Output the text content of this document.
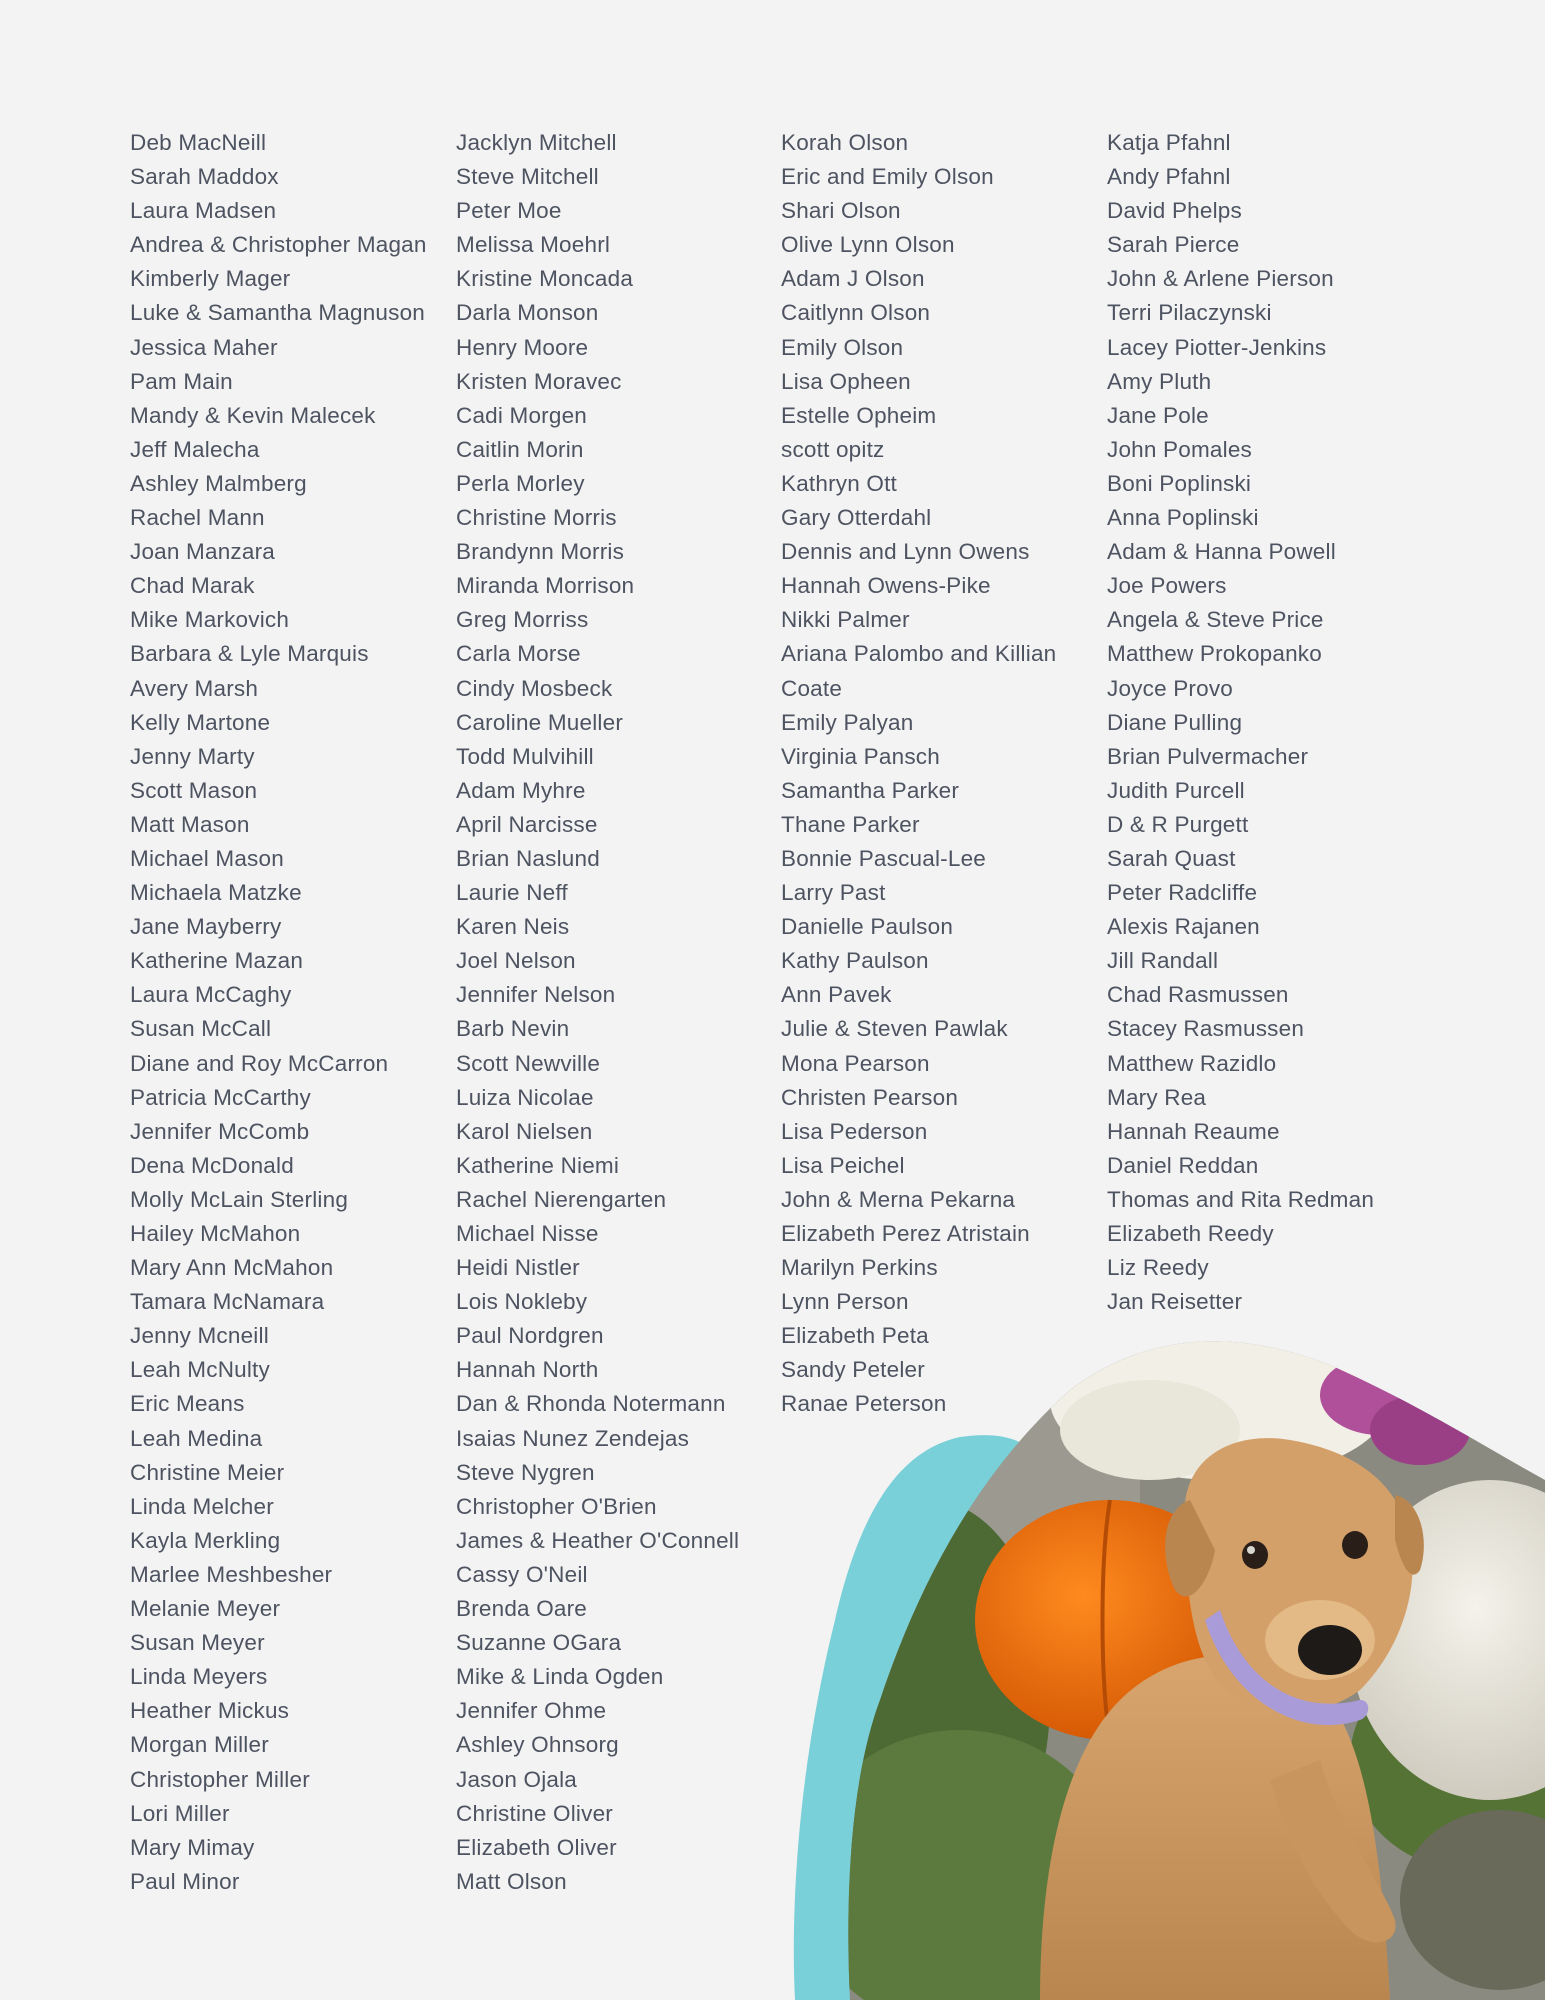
Deb MacNeill
Sarah Maddox
Laura Madsen
Andrea & Christopher Magan
Kimberly Mager
Luke & Samantha Magnuson
Jessica Maher
Pam Main
Mandy & Kevin Malecek
Jeff Malecha
Ashley Malmberg
Rachel Mann
Joan Manzara
Chad Marak
Mike Markovich
Barbara & Lyle Marquis
Avery Marsh
Kelly Martone
Jenny Marty
Scott Mason
Matt Mason
Michael Mason
Michaela Matzke
Jane Mayberry
Katherine Mazan
Laura McCaghy
Susan McCall
Diane and Roy McCarron
Patricia McCarthy
Jennifer McComb
Dena McDonald
Molly McLain Sterling
Hailey McMahon
Mary Ann McMahon
Tamara McNamara
Jenny Mcneill
Leah McNulty
Eric Means
Leah Medina
Christine Meier
Linda Melcher
Kayla Merkling
Marlee Meshbesher
Melanie Meyer
Susan Meyer
Linda Meyers
Heather Mickus
Morgan Miller
Christopher Miller
Lori Miller
Mary Mimay
Paul Minor
Jacklyn Mitchell
Steve Mitchell
Peter Moe
Melissa Moehrl
Kristine Moncada
Darla Monson
Henry Moore
Kristen Moravec
Cadi Morgen
Caitlin Morin
Perla Morley
Christine Morris
Brandynn Morris
Miranda Morrison
Greg Morriss
Carla Morse
Cindy Mosbeck
Caroline Mueller
Todd Mulvihill
Adam Myhre
April Narcisse
Brian Naslund
Laurie Neff
Karen Neis
Joel Nelson
Jennifer Nelson
Barb Nevin
Scott Newville
Luiza Nicolae
Karol Nielsen
Katherine Niemi
Rachel Nierengarten
Michael Nisse
Heidi Nistler
Lois Nokleby
Paul Nordgren
Hannah North
Dan & Rhonda Notermann
Isaias Nunez Zendejas
Steve Nygren
Christopher O'Brien
James & Heather O'Connell
Cassy O'Neil
Brenda Oare
Suzanne OGara
Mike & Linda Ogden
Jennifer Ohme
Ashley Ohnsorg
Jason Ojala
Christine Oliver
Elizabeth Oliver
Matt Olson
Korah Olson
Eric and Emily Olson
Shari Olson
Olive Lynn Olson
Adam J Olson
Caitlynn Olson
Emily Olson
Lisa Opheen
Estelle Opheim
scott opitz
Kathryn Ott
Gary Otterdahl
Dennis and Lynn Owens
Hannah Owens-Pike
Nikki Palmer
Ariana Palombo and Killian Coate
Emily Palyan
Virginia Pansch
Samantha Parker
Thane Parker
Bonnie Pascual-Lee
Larry Past
Danielle Paulson
Kathy Paulson
Ann Pavek
Julie & Steven Pawlak
Mona Pearson
Christen Pearson
Lisa Pederson
Lisa Peichel
John & Merna Pekarna
Elizabeth Perez Atristain
Marilyn Perkins
Lynn Person
Elizabeth Peta
Sandy Peteler
Ranae Peterson
Katja Pfahnl
Andy Pfahnl
David Phelps
Sarah Pierce
John & Arlene Pierson
Terri Pilaczynski
Lacey Piotter-Jenkins
Amy Pluth
Jane Pole
John Pomales
Boni Poplinski
Anna Poplinski
Adam & Hanna Powell
Joe Powers
Angela & Steve Price
Matthew Prokopanko
Joyce Provo
Diane Pulling
Brian Pulvermacher
Judith Purcell
D & R Purgett
Sarah Quast
Peter Radcliffe
Alexis Rajanen
Jill Randall
Chad Rasmussen
Stacey Rasmussen
Matthew Razidlo
Mary Rea
Hannah Reaume
Daniel Reddan
Thomas and Rita Redman
Elizabeth Reedy
Liz Reedy
Jan Reisetter
